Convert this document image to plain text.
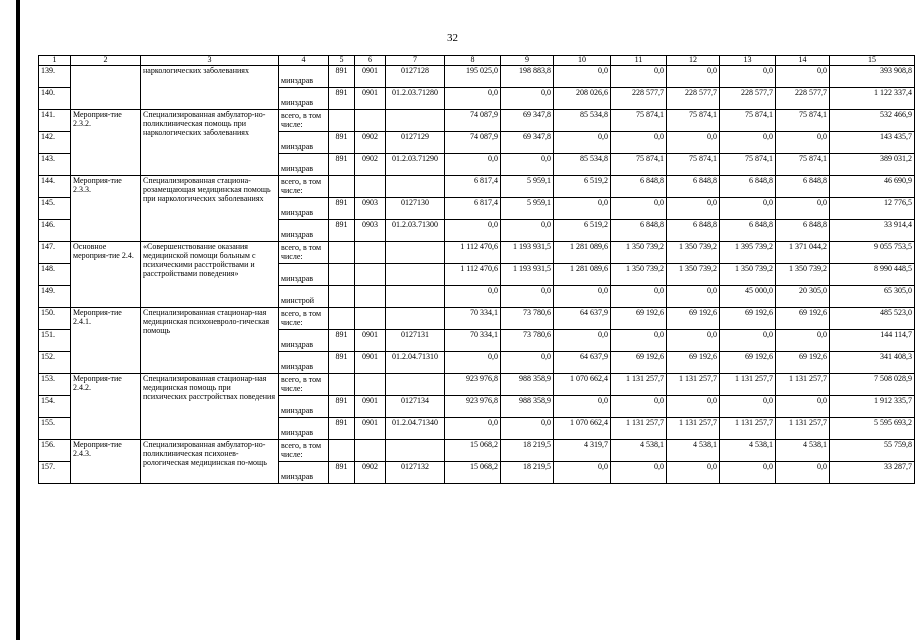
32
1	2	3	4	5	6	7	8	9	10	11	12	13	14	15
139.		наркологических заболеваниях	минздрав	891	0901	0127128	195 025,0	198 883,8	0,0	0,0	0,0	0,0	0,0	393 908,8
140.			минздрав	891	0901	01.2.03.71280	0,0	0,0	208 026,6	228 577,7	228 577,7	228 577,7	228 577,7	1 122 337,4
141.	Мероприя-тие 2.3.2.	Специализированная амбулатор-но-поликлиническая помощь при наркологических заболеваниях	всего, в том числе:				74 087,9	69 347,8	85 534,8	75 874,1	75 874,1	75 874,1	75 874,1	532 466,9
142.			минздрав	891	0902	0127129	74 087,9	69 347,8	0,0	0,0	0,0	0,0	0,0	143 435,7
143.			минздрав	891	0902	01.2.03.71290	0,0	0,0	85 534,8	75 874,1	75 874,1	75 874,1	75 874,1	389 031,2
144.	Мероприя-тие 2.3.3.	Специализированная стациона-розамещающая медицинская помощь при наркологических заболеваниях	всего, в том числе:				6 817,4	5 959,1	6 519,2	6 848,8	6 848,8	6 848,8	6 848,8	46 690,9
145.			минздрав	891	0903	0127130	6 817,4	5 959,1	0,0	0,0	0,0	0,0	0,0	12 776,5
146.			минздрав	891	0903	01.2.03.71300	0,0	0,0	6 519,2	6 848,8	6 848,8	6 848,8	6 848,8	33 914,4
147.	Основное мероприя-тие 2.4.	«Совершенствование оказания медицинской помощи больным с психическими расстройствами и расстройствами поведения»	всего, в том числе:				1 112 470,6	1 193 931,5	1 281 089,6	1 350 739,2	1 350 739,2	1 395 739,2	1 371 044,2	9 055 753,5
148.			минздрав				1 112 470,6	1 193 931,5	1 281 089,6	1 350 739,2	1 350 739,2	1 350 739,2	1 350 739,2	8 990 448,5
149.			минстрой				0,0	0,0	0,0	0,0	0,0	45 000,0	20 305,0	65 305,0
150.	Мероприя-тие 2.4.1.	Специализированная стационар-ная медицинская психоневроло-гическая помощь	всего, в том числе:				70 334,1	73 780,6	64 637,9	69 192,6	69 192,6	69 192,6	69 192,6	485 523,0
151.			минздрав	891	0901	0127131	70 334,1	73 780,6	0,0	0,0	0,0	0,0	0,0	144 114,7
152.			минздрав	891	0901	01.2.04.71310	0,0	0,0	64 637,9	69 192,6	69 192,6	69 192,6	69 192,6	341 408,3
153.	Мероприя-тие 2.4.2.	Специализированная стационар-ная медицинская помощь при психических расстройствах поведения	всего, в том числе:				923 976,8	988 358,9	1 070 662,4	1 131 257,7	1 131 257,7	1 131 257,7	1 131 257,7	7 508 028,9
154.			минздрав	891	0901	0127134	923 976,8	988 358,9	0,0	0,0	0,0	0,0	0,0	1 912 335,7
155.			минздрав	891	0901	01.2.04.71340	0,0	0,0	1 070 662,4	1 131 257,7	1 131 257,7	1 131 257,7	1 131 257,7	5 595 693,2
156.	Мероприя-тие 2.4.3.	Специализированная амбулатор-но-поликлиническая психонев-рологическая медицинская по-мощь	всего, в том числе:				15 068,2	18 219,5	4 319,7	4 538,1	4 538,1	4 538,1	4 538,1	55 759,8
157.			минздрав	891	0902	0127132	15 068,2	18 219,5	0,0	0,0	0,0	0,0	0,0	33 287,7
